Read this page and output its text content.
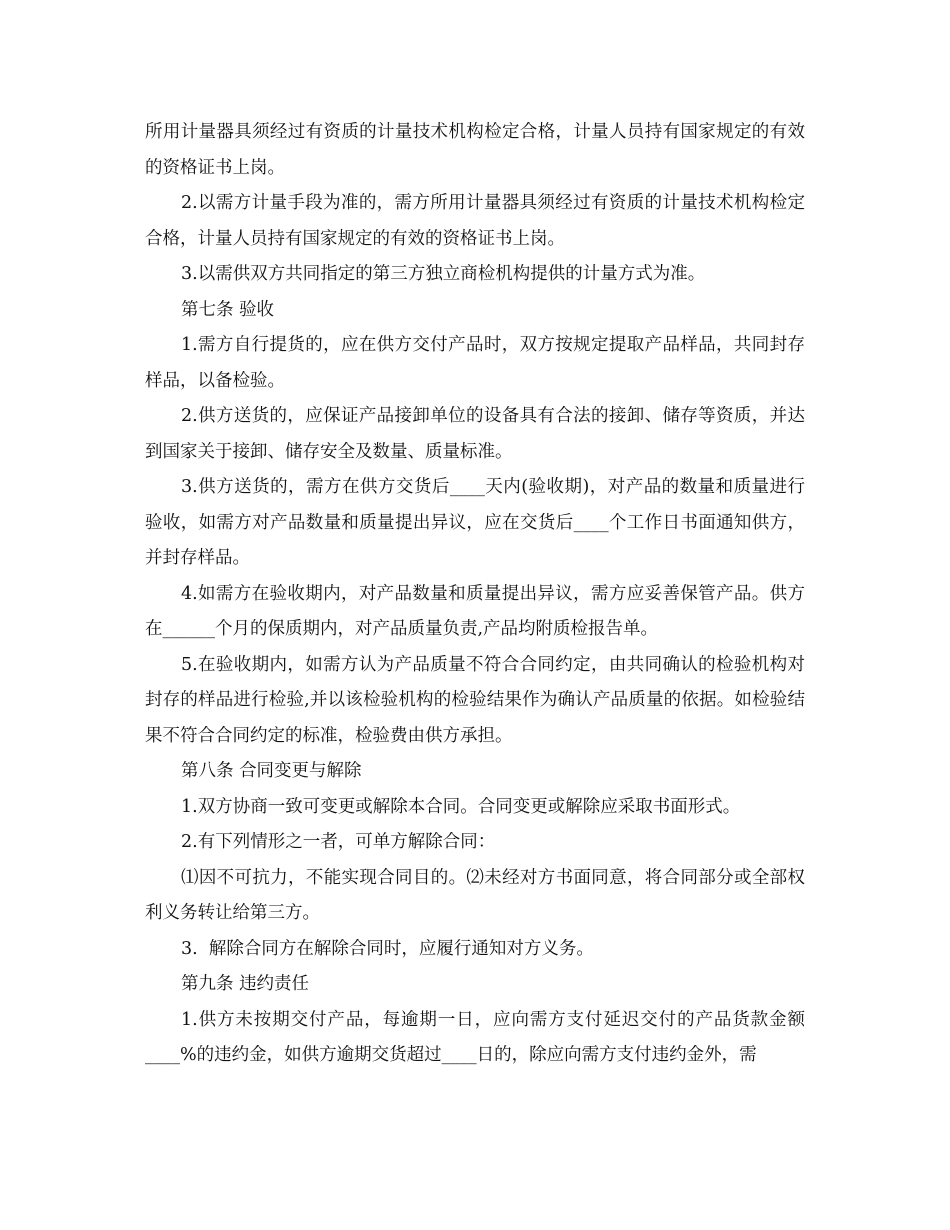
所用计量器具须经过有资质的计量技术机构检定合格，计量人员持有国家规定的有效的资格证书上岗。

2.以需方计量手段为准的，需方所用计量器具须经过有资质的计量技术机构检定合格，计量人员持有国家规定的有效的资格证书上岗。

3.以需供双方共同指定的第三方独立商检机构提供的计量方式为准。

第七条 验收

1.需方自行提货的，应在供方交付产品时，双方按规定提取产品样品，共同封存样品，以备检验。

2.供方送货的，应保证产品接卸单位的设备具有合法的接卸、储存等资质，并达到国家关于接卸、储存安全及数量、质量标准。

3.供方送货的，需方在供方交货后____天内(验收期)，对产品的数量和质量进行验收，如需方对产品数量和质量提出异议，应在交货后____个工作日书面通知供方，并封存样品。

4.如需方在验收期内，对产品数量和质量提出异议，需方应妥善保管产品。供方在______个月的保质期内，对产品质量负责,产品均附质检报告单。

5.在验收期内，如需方认为产品质量不符合合同约定，由共同确认的检验机构对封存的样品进行检验,并以该检验机构的检验结果作为确认产品质量的依据。如检验结果不符合合同约定的标准，检验费由供方承担。

第八条 合同变更与解除

1.双方协商一致可变更或解除本合同。合同变更或解除应采取书面形式。

2.有下列情形之一者，可单方解除合同：

⑴因不可抗力，不能实现合同目的。⑵未经对方书面同意，将合同部分或全部权利义务转让给第三方。

3.  解除合同方在解除合同时，应履行通知对方义务。

第九条 违约责任

1.供方未按期交付产品，每逾期一日，应向需方支付延迟交付的产品货款金额____%的违约金，如供方逾期交货超过____日的，除应向需方支付违约金外，需
